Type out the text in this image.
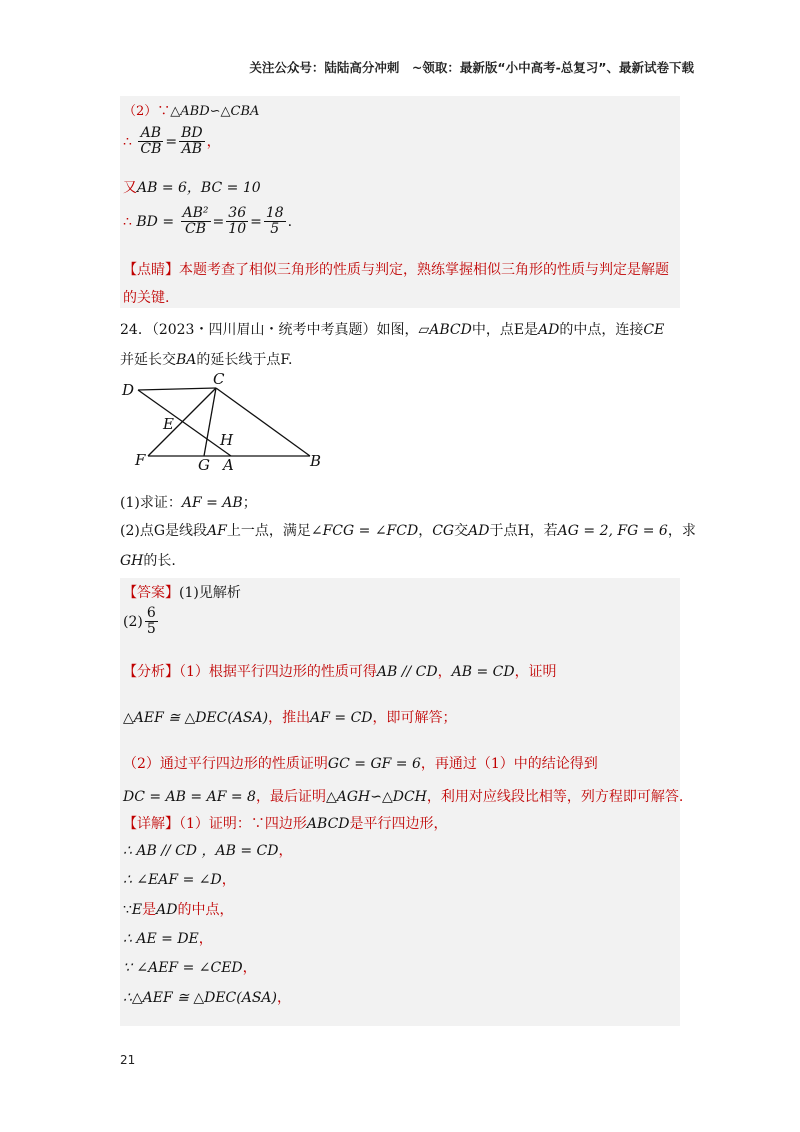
关注公众号：陆陆高分冲刺　~领取：最新版“小中高考-总复习”、最新试卷下载
（2）∵△ABD∽△CBA
∴ $\frac{AB}{CB} = \frac{BD}{AB}$ ，
又AB = 6，BC = 10
∴ BD = $\frac{\text{AB²}}{CB} = \frac{36}{10} = \frac{18}{5}$ .
【点睛】本题考查了相似三角形的性质与判定，熟练掌握相似三角形的性质与判定是解题
的关键.
24．（2023・四川眉山・统考中考真题）如图，▱ABCD中，点E是AD的中点，连接CE
并延长交BA的延长线于点F.
D
C
E
H
F	G A	B
(1)求证：AF = AB；
(2)点G是线段AF上一点，满足∠FCG = ∠FCD，CG交AD于点H，若AG = 2, FG = 6，求
GH的长.
【答案】(1)见解析
$(2) \frac{6}{5}$
【分析】（1）根据平行四边形的性质可得AB // CD，AB = CD，证明
△AEF ≅ △DEC(ASA)，推出AF = CD，即可解答；
（2）通过平行四边形的性质证明GC = GF = 6，再通过（1）中的结论得到
DC = AB = AF = 8，最后证明△AGH∽△DCH，利用对应线段比相等，列方程即可解答.
【详解】（1）证明：∵四边形ABCD是平行四边形，
∴ AB // CD ，AB = CD，
∴ ∠EAF = ∠D，
∵E是AD的中点，
∴ AE = DE，
∵ ∠AEF = ∠CED，
∴△AEF ≅ △DEC(ASA)，
21
